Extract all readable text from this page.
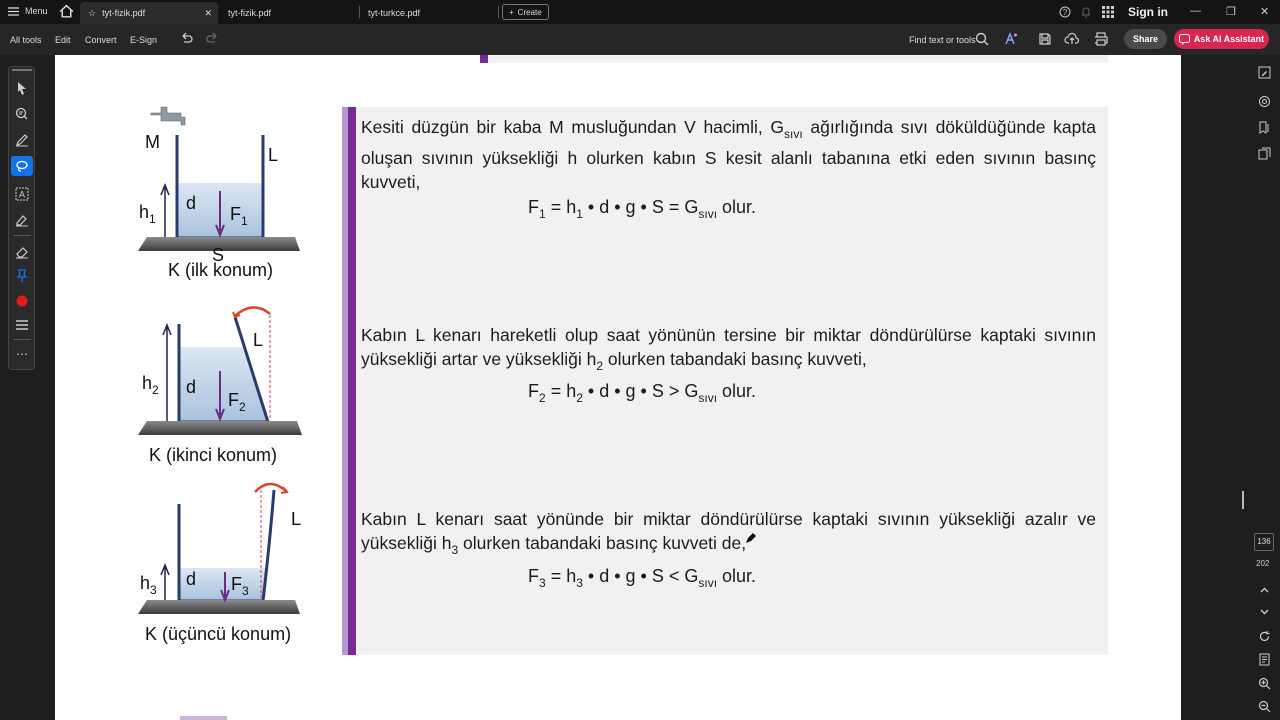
Menu	☆ tyt-fizik.pdf	✕ tyt-fizik.pdf	tyt-turkce.pdf	+ Create	?	Sign in — ❐ ✕
All tools Edit Convert E-Sign	Find text or tools	Share	Ask AI Assistant
A
⋯
136
202
Kesiti düzgün bir kaba M musluğundan V hacimli, $G_{sıvı}$ ağırlığında sıvı döküldüğünde kapta oluşan sıvının yüksekliği h olurken kabın S kesit alanlı tabanına etki eden sıvının basınç kuvveti,
$F_1 = h_1$ • d • g • $S = G_{sıvı}$ olur.
Kabın L kenarı hareketli olup saat yönünün tersine bir miktar döndürülürse kaptaki sıvının yüksekliği artar ve yüksekliği $h_2$ olurken tabandaki basınç kuvveti,
$F_2 = h_2$ • d • g • $S > G_{sıvı}$ olur.
Kabın L kenarı saat yönünde bir miktar döndürülürse kaptaki sıvının yüksekliği azalır ve yüksekliği $h_3$ olurken tabandaki basınç kuvveti de,
$F_3 = h_3$ • d • g • $S < G_{sıvı}$ olur.
M
L
$h_1$
d
$F_1$
S
K (ilk konum)
L
$h_2$ d
$F_2$
K (ikinci konum)
L
$h_3$
d $F_3$
K (üçüncü konum)
